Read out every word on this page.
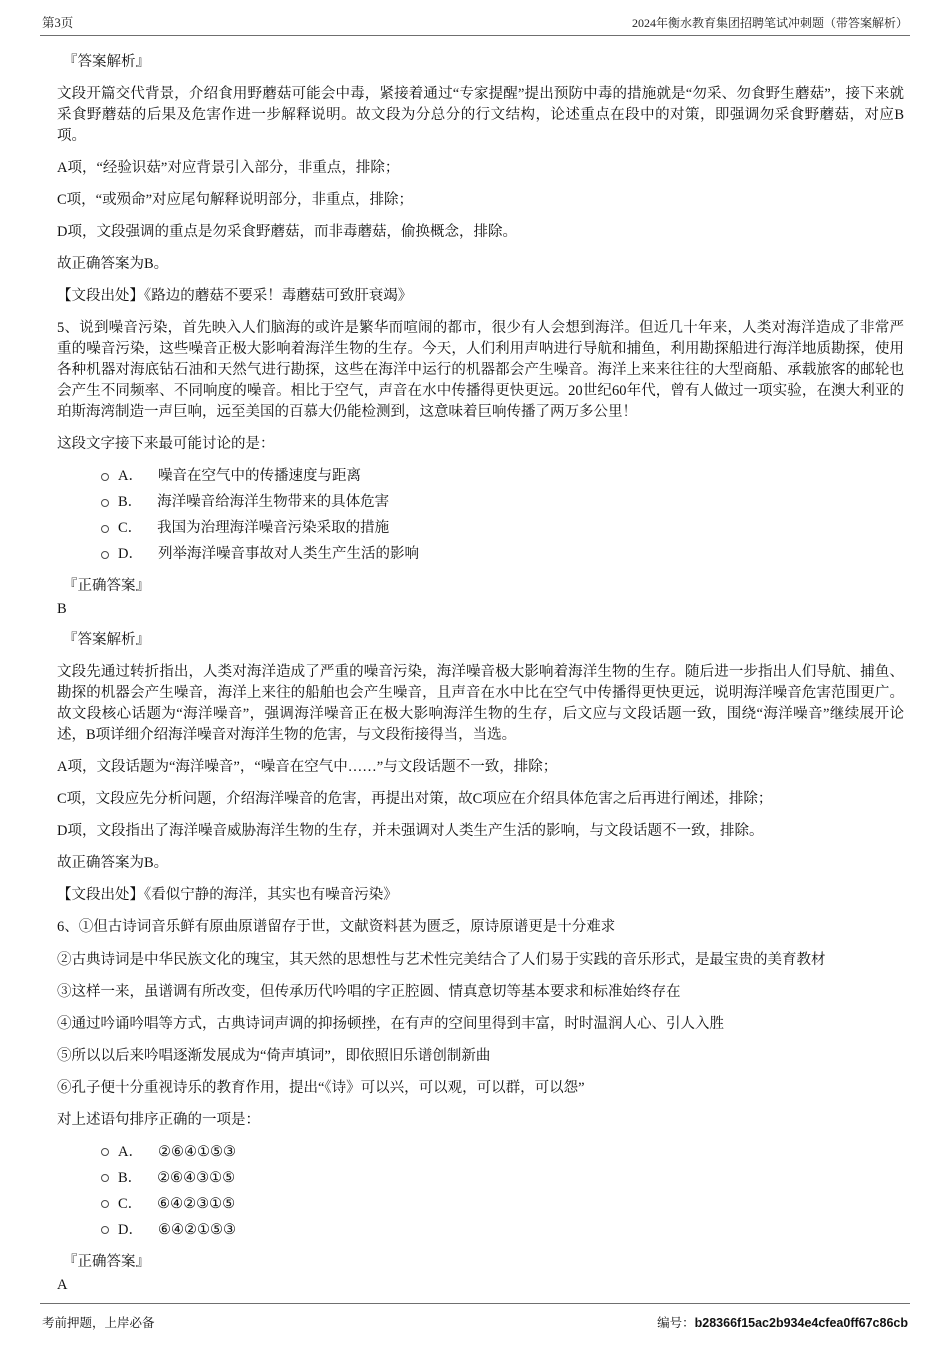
第3页	2024年衡水教育集团招聘笔试冲刺题（带答案解析）

『答案解析』

文段开篇交代背景，介绍食用野蘑菇可能会中毒，紧接着通过“专家提醒”提出预防中毒的措施就是“勿采、勿食野生蘑菇”，接下来就采食野蘑菇的后果及危害作进一步解释说明。故文段为分总分的行文结构，论述重点在段中的对策，即强调勿采食野蘑菇，对应B项。

A项，“经验识菇”对应背景引入部分，非重点，排除；

C项，“或殒命”对应尾句解释说明部分，非重点，排除；

D项，文段强调的重点是勿采食野蘑菇，而非毒蘑菇，偷换概念，排除。

故正确答案为B。

【文段出处】《路边的蘑菇不要采！毒蘑菇可致肝衰竭》

5、说到噪音污染，首先映入人们脑海的或许是繁华而喧闹的都市，很少有人会想到海洋。但近几十年来，人类对海洋造成了非常严重的噪音污染，这些噪音正极大影响着海洋生物的生存。今天，人们利用声呐进行导航和捕鱼，利用勘探船进行海洋地质勘探，使用各种机器对海底钻石油和天然气进行勘探，这些在海洋中运行的机器都会产生噪音。海洋上来来往往的大型商船、承载旅客的邮轮也会产生不同频率、不同响度的噪音。相比于空气，声音在水中传播得更快更远。20世纪60年代，曾有人做过一项实验，在澳大利亚的珀斯海湾制造一声巨响，远至美国的百慕大仍能检测到，这意味着巨响传播了两万多公里！

这段文字接下来最可能讨论的是：

A． 噪音在空气中的传播速度与距离
B． 海洋噪音给海洋生物带来的具体危害
C． 我国为治理海洋噪音污染采取的措施
D． 列举海洋噪音事故对人类生产生活的影响

『正确答案』

B

『答案解析』

文段先通过转折指出，人类对海洋造成了严重的噪音污染，海洋噪音极大影响着海洋生物的生存。随后进一步指出人们导航、捕鱼、勘探的机器会产生噪音，海洋上来往的船舶也会产生噪音，且声音在水中比在空气中传播得更快更远，说明海洋噪音危害范围更广。故文段核心话题为“海洋噪音”，强调海洋噪音正在极大影响海洋生物的生存，后文应与文段话题一致，围绕“海洋噪音”继续展开论述，B项详细介绍海洋噪音对海洋生物的危害，与文段衔接得当，当选。

A项，文段话题为“海洋噪音”，“噪音在空气中……”与文段话题不一致，排除；

C项，文段应先分析问题，介绍海洋噪音的危害，再提出对策，故C项应在介绍具体危害之后再进行阐述，排除；

D项，文段指出了海洋噪音威胁海洋生物的生存，并未强调对人类生产生活的影响，与文段话题不一致，排除。

故正确答案为B。

【文段出处】《看似宁静的海洋，其实也有噪音污染》

6、①但古诗词音乐鲜有原曲原谱留存于世，文献资料甚为匮乏，原诗原谱更是十分难求

②古典诗词是中华民族文化的瑰宝，其天然的思想性与艺术性完美结合了人们易于实践的音乐形式，是最宝贵的美育教材

③这样一来，虽谱调有所改变，但传承历代吟唱的字正腔圆、情真意切等基本要求和标准始终存在

④通过吟诵吟唱等方式，古典诗词声调的抑扬顿挫，在有声的空间里得到丰富，时时温润人心、引人入胜

⑤所以以后来吟唱逐渐发展成为“倚声填词”，即依照旧乐谱创制新曲

⑥孔子便十分重视诗乐的教育作用，提出“《诗》可以兴，可以观，可以群，可以怨”

对上述语句排序正确的一项是：

A． ②⑥④①⑤③
B． ②⑥④③①⑤
C． ⑥④②③①⑤
D． ⑥④②①⑤③

『正确答案』

A

考前押题，上岸必备	编号：b28366f15ac2b934e4cfea0ff67c86cb
